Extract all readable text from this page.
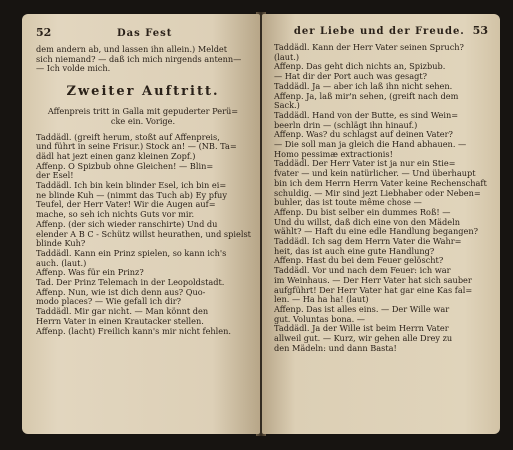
52	Das Fest
dem andern ab, und lassen ihn allein.) Meldet
sich niemand? — daß ich mich nirgends antenn—
— Ich volde mich.
Zweiter Auftritt.
Affenpreis tritt in Galla mit gepuderter Perü=
cke ein. Vorige.
Taddädl. (greift herum, stoßt auf Affenpreis,
und führt in seine Frisur.) Stock an! — (NB. Ta=
dädl hat jezt einen ganz kleinen Zopf.)
Affenp. O Spizbub ohne Gleichen! — Blin=
der Esel!
Taddädl. Ich bin kein blinder Esel, ich bin ei=
ne blinde Kuh — (nimmt das Tuch ab) Ey pfuy
Teufel, der Herr Vater! Wir die Augen auf=
mache, so seh ich nichts Guts vor mir.
Affenp. (der sich wieder ranschirte) Und du
elender A B C - Schütz willst heurathen, und spielst
blinde Kuh?
Taddädl. Kann ein Prinz spielen, so kann ich's
auch. (laut.)
Affenp. Was für ein Prinz?
Tad. Der Prinz Telemach in der Leopoldstadt.
Affenp. Nun, wie ist dich denn aus? Quo-
modo places? — Wie gefall ich dir?
Taddädl. Mir gar nicht. — Man könnt den
Herrn Vater in einen Krautacker stellen.
Affenp. (lacht) Freilich kann's mir nicht fehlen.
der Liebe und der Freude. 53
Taddädl. Kann der Herr Vater seinen Spruch?
(laut.)
Affenp. Das geht dich nichts an, Spizbub.
— Hat dir der Port auch was gesagt?
Taddädl. Ja — aber ich laß ihn nicht sehen.
Affenp. Ja, laß mir'n sehen, (greift nach dem
Sack.)
Taddädl. Hand von der Butte, es sind Wein=
beerln drin — (schlägt ihn hinauf.)
Affenp. Was? du schlagst auf deinen Vater?
— Die soll man ja gleich die Hand abhauen. —
Homo pessimæ extractionis!
Taddädl. Der Herr Vater ist ja nur ein Stie=
fvater — und kein natürlicher. — Und überhaupt
bin ich dem Herrn Herrn Vater keine Rechenschaft
schuldig. — Mir sind jezt Liebhaber oder Neben=
buhler, das ist toute même chose —
Affenp. Du bist selber ein dummes Roß! —
Und du willst, daß dich eine von den Mädeln
wählt? — Haft du eine edle Handlung begangen?
Taddädl. Ich sag dem Herrn Vater die Wahr=
heit, das ist auch eine gute Handlung?
Affenp. Hast du bei dem Feuer gelöscht?
Taddädl. Vor und nach dem Feuer: ich war
im Weinhaus. — Der Herr Vater hat sich sauber
aufgführt! Der Herr Vater hat gar eine Kas fal=
len. — Ha ha ha! (laut)
Affenp. Das ist alles eins. — Der Wille war
gut. Voluntas bona. —
Taddädl. Ja der Wille ist beim Herrn Vater
allweil gut. — Kurz, wir gehen alle Drey zu
den Mädeln: und dann Basta!
